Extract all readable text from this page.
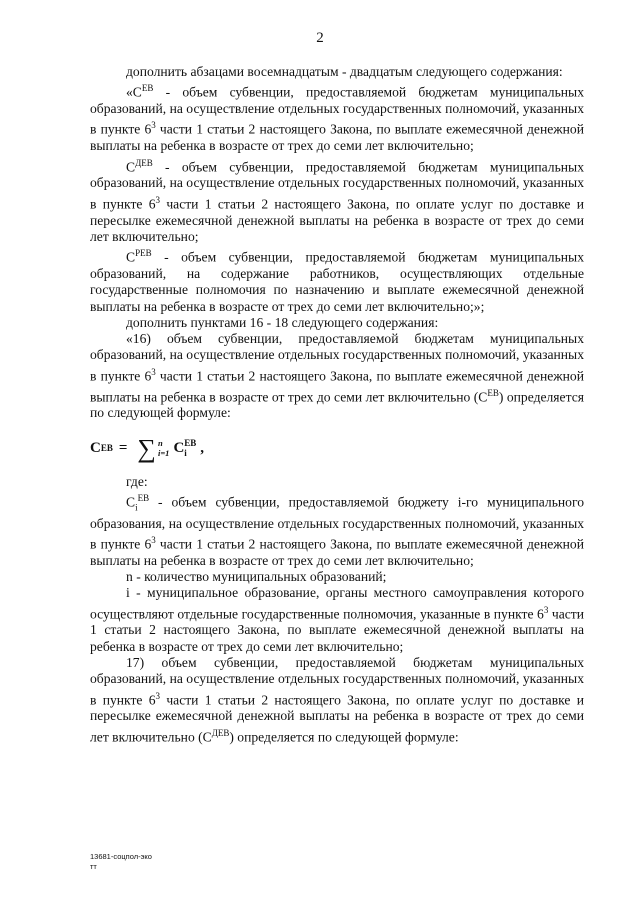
2

дополнить абзацами восемнадцатым - двадцатым следующего содержания:

«$С^{ЕВ}$ - объем субвенции, предоставляемой бюджетам муниципальных образований, на осуществление отдельных государственных полномочий, указанных в пункте $6^3$ части 1 статьи 2 настоящего Закона, по выплате ежемесячной денежной выплаты на ребенка в возрасте от трех до семи лет включительно;

$С^{ДЕВ}$ - объем субвенции, предоставляемой бюджетам муниципальных образований, на осуществление отдельных государственных полномочий, указанных в пункте $6^3$ части 1 статьи 2 настоящего Закона, по оплате услуг по доставке и пересылке ежемесячной денежной выплаты на ребенка в возрасте от трех до семи лет включительно;

$С^{РЕВ}$ - объем субвенции, предоставляемой бюджетам муниципальных образований, на содержание работников, осуществляющих отдельные государственные полномочия по назначению и выплате ежемесячной денежной выплаты на ребенка в возрасте от трех до семи лет включительно;»;

дополнить пунктами 16 - 18 следующего содержания:

«16) объем субвенции, предоставляемой бюджетам муниципальных образований, на осуществление отдельных государственных полномочий, указанных в пункте $6^3$ части 1 статьи 2 настоящего Закона, по выплате ежемесячной денежной выплаты на ребенка в возрасте от трех до семи лет включительно $(С^{ЕВ})$ определяется по следующей формуле:

С ЕВ = ∑ n
i=1 С ЕВ
i ,

где:

$С_i^{ЕВ}$ - объем субвенции, предоставляемой бюджету i-го муниципального образования, на осуществление отдельных государственных полномочий, указанных в пункте $6^3$ части 1 статьи 2 настоящего Закона, по выплате ежемесячной денежной выплаты на ребенка в возрасте от трех до семи лет включительно;

n - количество муниципальных образований;

i - муниципальное образование, органы местного самоуправления которого осуществляют отдельные государственные полномочия, указанные в пункте $6^3$ части 1 статьи 2 настоящего Закона, по выплате ежемесячной денежной выплаты на ребенка в возрасте от трех до семи лет включительно;

17) объем субвенции, предоставляемой бюджетам муниципальных образований, на осуществление отдельных государственных полномочий, указанных в пункте $6^3$ части 1 статьи 2 настоящего Закона, по оплате услуг по доставке и пересылке ежемесячной денежной выплаты на ребенка в возрасте от трех до семи лет включительно $(С^{ДЕВ})$ определяется по следующей формуле:

13681-соцпол-эко
тт
